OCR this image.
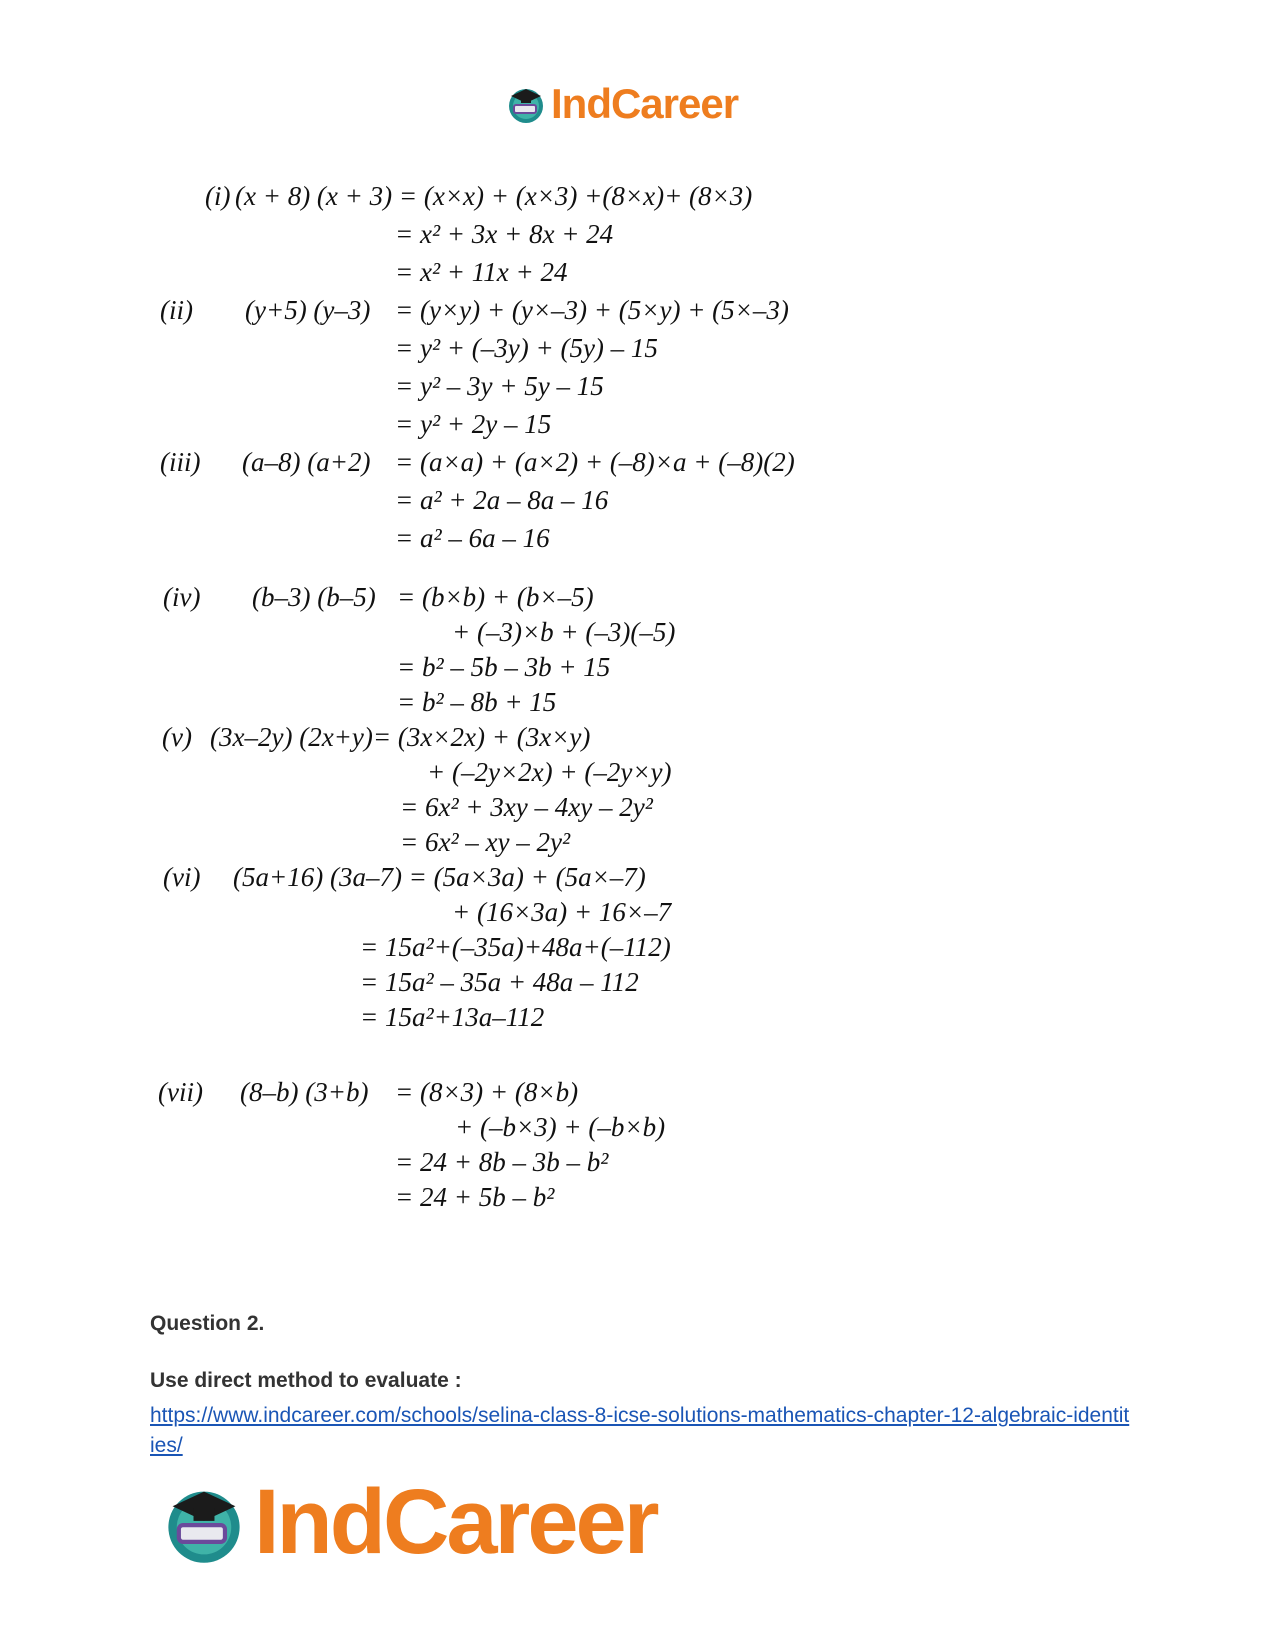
IndCareer
(i) (x + 8) (x + 3) = (x×x) + (x×3) +(8×x)+ (8×3)
= x² + 3x + 8x + 24
= x² + 11x + 24
(ii) (y+5) (y–3) = (y×y) + (y×–3) + (5×y) + (5×–3)
= y² + (–3y) + (5y) – 15
= y² – 3y + 5y – 15
= y² + 2y – 15
(iii) (a–8) (a+2) = (a×a) + (a×2) + (–8)×a + (–8)(2)
= a² + 2a – 8a – 16
= a² – 6a – 16
(iv) (b–3) (b–5) = (b×b) + (b×–5)
+ (–3)×b + (–3)(–5)
= b² – 5b – 3b + 15
= b² – 8b + 15
(v) (3x–2y) (2x+y)= (3x×2x) + (3x×y)
+ (–2y×2x) + (–2y×y)
= 6x² + 3xy – 4xy – 2y²
= 6x² – xy – 2y²
(vi) (5a+16) (3a–7) = (5a×3a) + (5a×–7)
+ (16×3a) + 16×–7
= 15a²+(–35a)+48a+(–112)
= 15a² – 35a + 48a – 112
= 15a²+13a–112
(vii) (8–b) (3+b) = (8×3) + (8×b)
+ (–b×3) + (–b×b)
= 24 + 8b – 3b – b²
= 24 + 5b – b²
Question 2.
Use direct method to evaluate :
https://www.indcareer.com/schools/selina-class-8-icse-solutions-mathematics-chapter-12-algebraic-identities/
IndCareer
